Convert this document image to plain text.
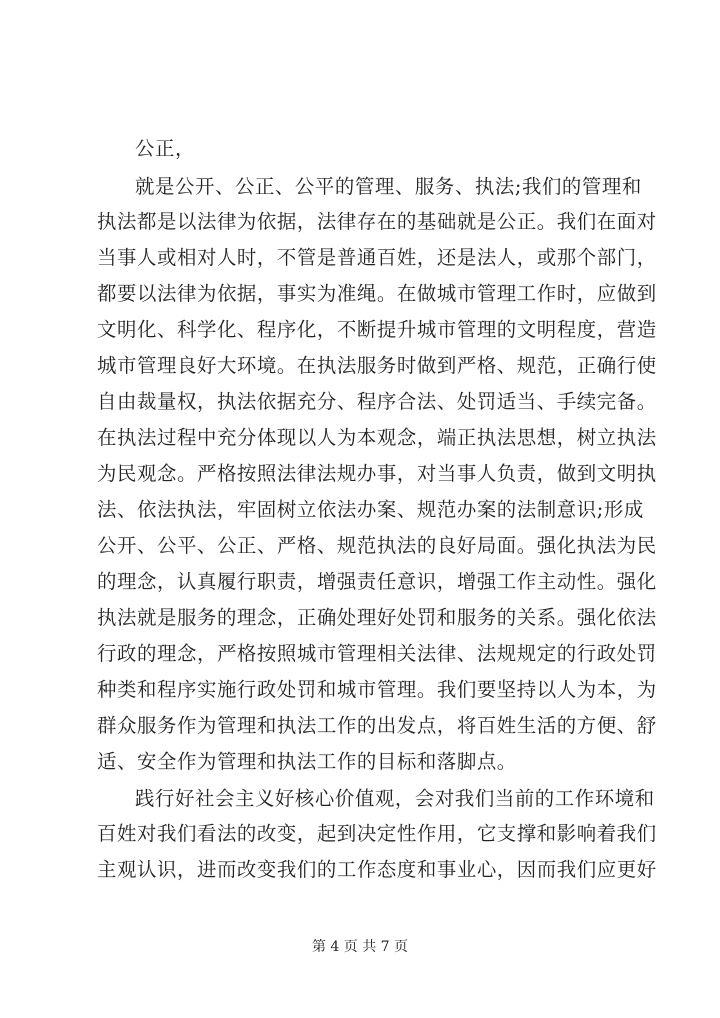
公正，
就是公开、公正、公平的管理、服务、执法;我们的管理和
执法都是以法律为依据，法律存在的基础就是公正。我们在面对
当事人或相对人时，不管是普通百姓，还是法人，或那个部门，
都要以法律为依据，事实为准绳。在做城市管理工作时，应做到
文明化、科学化、程序化，不断提升城市管理的文明程度，营造
城市管理良好大环境。在执法服务时做到严格、规范，正确行使
自由裁量权，执法依据充分、程序合法、处罚适当、手续完备。
在执法过程中充分体现以人为本观念，端正执法思想，树立执法
为民观念。严格按照法律法规办事，对当事人负责，做到文明执
法、依法执法，牢固树立依法办案、规范办案的法制意识;形成
公开、公平、公正、严格、规范执法的良好局面。强化执法为民
的理念，认真履行职责，增强责任意识，增强工作主动性。强化
执法就是服务的理念，正确处理好处罚和服务的关系。强化依法
行政的理念，严格按照城市管理相关法律、法规规定的行政处罚
种类和程序实施行政处罚和城市管理。我们要坚持以人为本，为
群众服务作为管理和执法工作的出发点，将百姓生活的方便、舒
适、安全作为管理和执法工作的目标和落脚点。
践行好社会主义好核心价值观，会对我们当前的工作环境和
百姓对我们看法的改变，起到决定性作用，它支撑和影响着我们
主观认识，进而改变我们的工作态度和事业心，因而我们应更好
第 4 页 共 7 页
